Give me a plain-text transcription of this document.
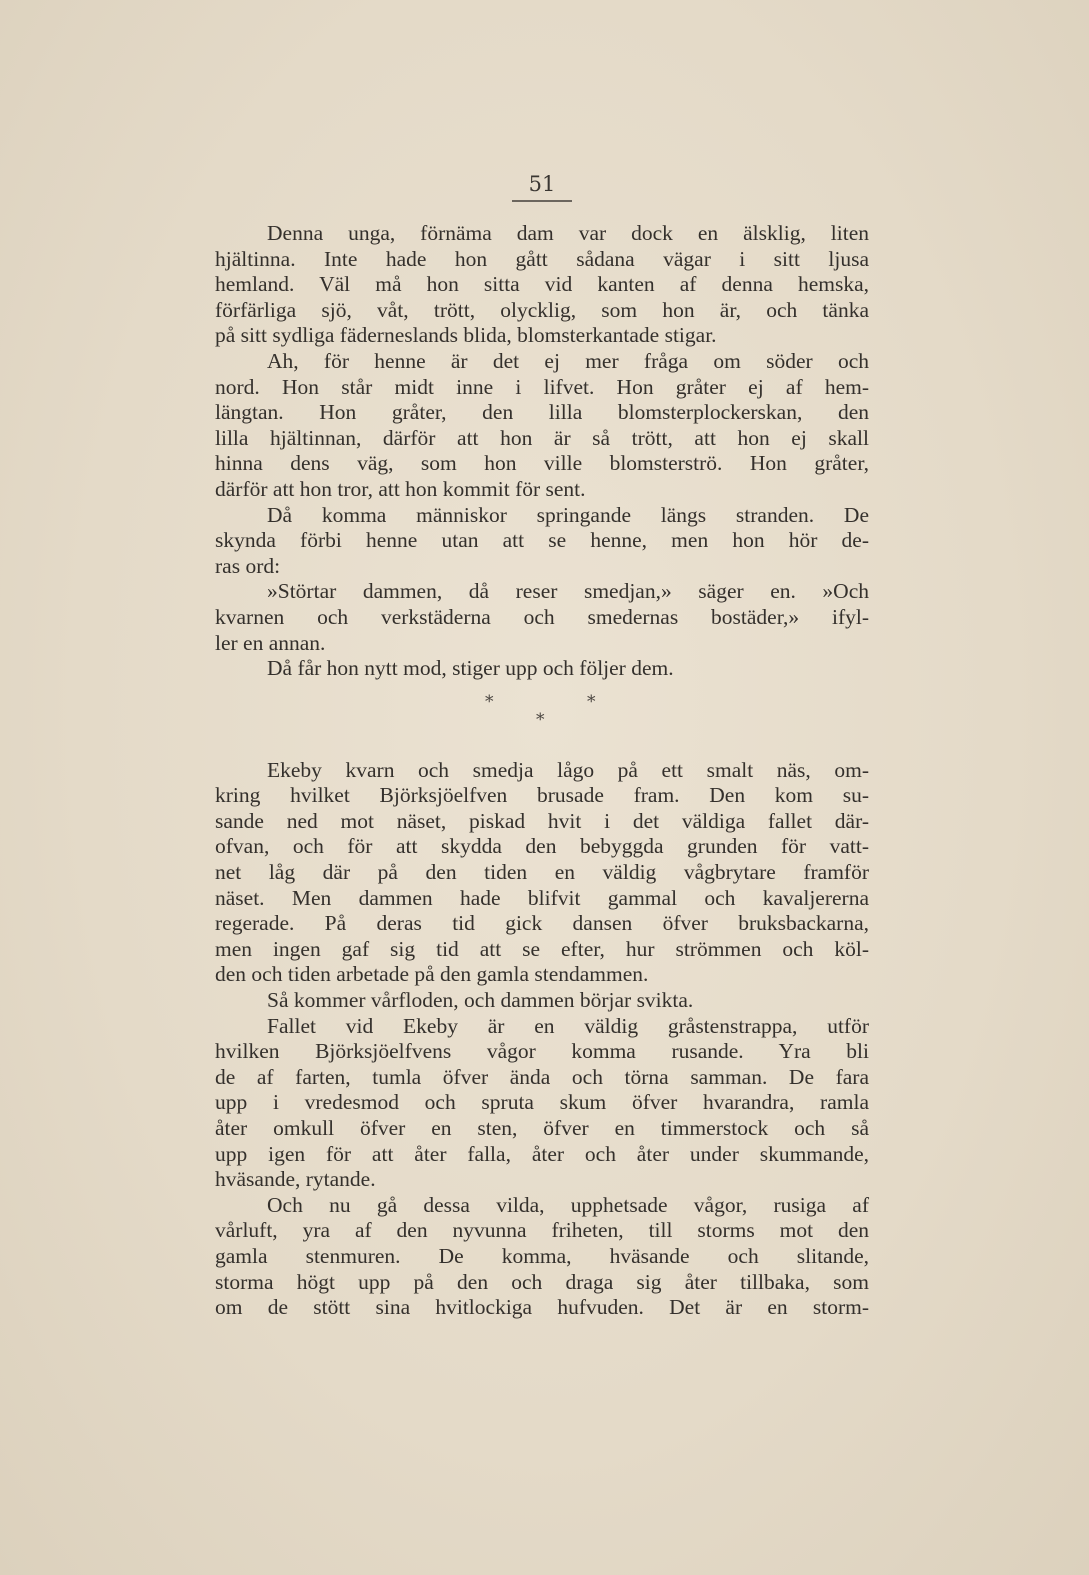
51
Denna unga, förnäma dam var dock en älsklig, liten
hjältinna. Inte hade hon gått sådana vägar i sitt ljusa
hemland. Väl må hon sitta vid kanten af denna hemska,
förfärliga sjö, våt, trött, olycklig, som hon är, och tänka
på sitt sydliga fäderneslands blida, blomsterkantade stigar.
Ah, för henne är det ej mer fråga om söder och
nord. Hon står midt inne i lifvet. Hon gråter ej af hem-
längtan. Hon gråter, den lilla blomsterplockerskan, den
lilla hjältinnan, därför att hon är så trött, att hon ej skall
hinna dens väg, som hon ville blomsterströ. Hon gråter,
därför att hon tror, att hon kommit för sent.
Då komma människor springande längs stranden. De
skynda förbi henne utan att se henne, men hon hör de-
ras ord:
»Störtar dammen, då reser smedjan,» säger en. »Och
kvarnen och verkstäderna och smedernas bostäder,» ifyl-
ler en annan.
Då får hon nytt mod, stiger upp och följer dem.
*	*
*
Ekeby kvarn och smedja lågo på ett smalt näs, om-
kring hvilket Björksjöelfven brusade fram. Den kom su-
sande ned mot näset, piskad hvit i det väldiga fallet där-
ofvan, och för att skydda den bebyggda grunden för vatt-
net låg där på den tiden en väldig vågbrytare framför
näset. Men dammen hade blifvit gammal och kavaljererna
regerade. På deras tid gick dansen öfver bruksbackarna,
men ingen gaf sig tid att se efter, hur strömmen och köl-
den och tiden arbetade på den gamla stendammen.
Så kommer vårfloden, och dammen börjar svikta.
Fallet vid Ekeby är en väldig gråstenstrappa, utför
hvilken Björksjöelfvens vågor komma rusande. Yra bli
de af farten, tumla öfver ända och törna samman. De fara
upp i vredesmod och spruta skum öfver hvarandra, ramla
åter omkull öfver en sten, öfver en timmerstock och så
upp igen för att åter falla, åter och åter under skummande,
hväsande, rytande.
Och nu gå dessa vilda, upphetsade vågor, rusiga af
vårluft, yra af den nyvunna friheten, till storms mot den
gamla stenmuren. De komma, hväsande och slitande,
storma högt upp på den och draga sig åter tillbaka, som
om de stött sina hvitlockiga hufvuden. Det är en storm-
